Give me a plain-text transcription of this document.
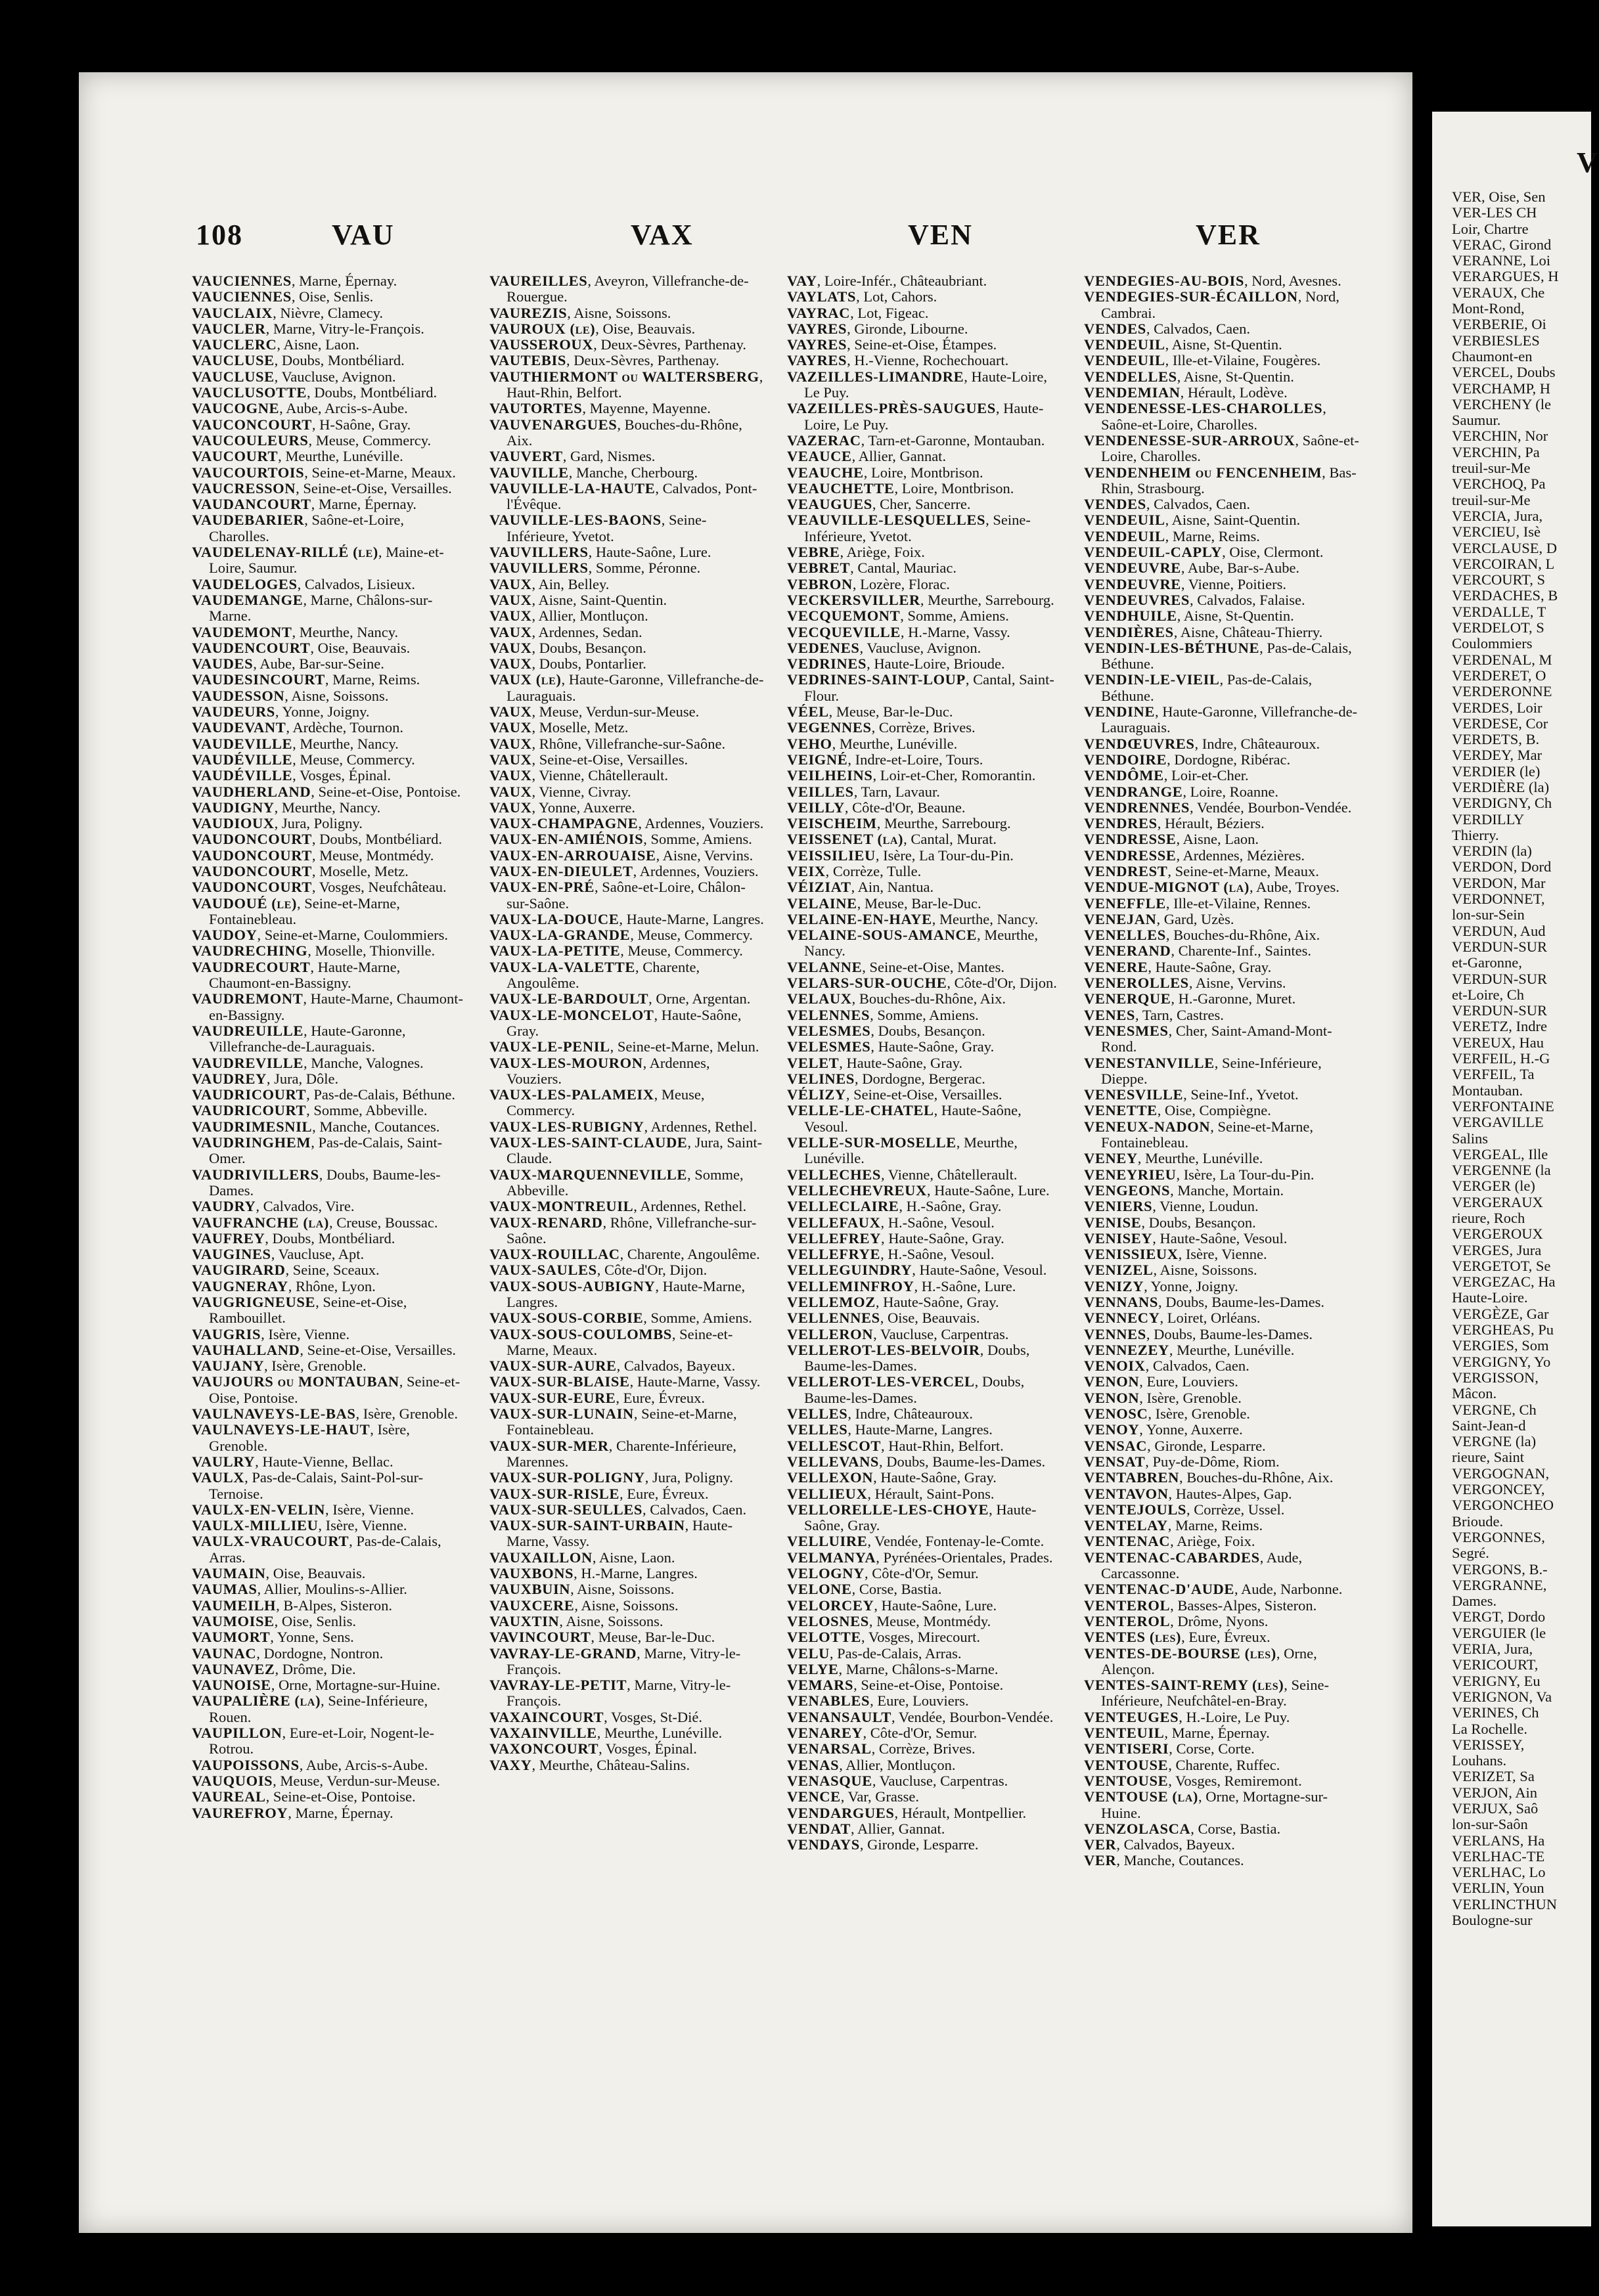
108	VAU	VAX	VEN	VER

VAUCIENNES, Marne, Épernay.

VAUCIENNES, Oise, Senlis.

VAUCLAIX, Nièvre, Clamecy.

VAUCLER, Marne, Vitry-le-François.

VAUCLERC, Aisne, Laon.

VAUCLUSE, Doubs, Montbéliard.

VAUCLUSE, Vaucluse, Avignon.

VAUCLUSOTTE, Doubs, Montbéliard.

VAUCOGNE, Aube, Arcis-s-Aube.

VAUCONCOURT, H-Saône, Gray.

VAUCOULEURS, Meuse, Commercy.

VAUCOURT, Meurthe, Lunéville.

VAUCOURTOIS, Seine-et-Marne, Meaux.

VAUCRESSON, Seine-et-Oise, Versailles.

VAUDANCOURT, Marne, Épernay.

VAUDEBARIER, Saône-et-Loire, Charolles.

VAUDELENAY-RILLÉ (le), Maine-et-Loire, Saumur.

VAUDELOGES, Calvados, Lisieux.

VAUDEMANGE, Marne, Châlons-sur-Marne.

VAUDEMONT, Meurthe, Nancy.

VAUDENCOURT, Oise, Beauvais.

VAUDES, Aube, Bar-sur-Seine.

VAUDESINCOURT, Marne, Reims.

VAUDESSON, Aisne, Soissons.

VAUDEURS, Yonne, Joigny.

VAUDEVANT, Ardèche, Tournon.

VAUDEVILLE, Meurthe, Nancy.

VAUDÉVILLE, Meuse, Commercy.

VAUDÉVILLE, Vosges, Épinal.

VAUDHERLAND, Seine-et-Oise, Pontoise.

VAUDIGNY, Meurthe, Nancy.

VAUDIOUX, Jura, Poligny.

VAUDONCOURT, Doubs, Montbéliard.

VAUDONCOURT, Meuse, Montmédy.

VAUDONCOURT, Moselle, Metz.

VAUDONCOURT, Vosges, Neufchâteau.

VAUDOUÉ (le), Seine-et-Marne, Fontainebleau.

VAUDOY, Seine-et-Marne, Coulommiers.

VAUDRECHING, Moselle, Thionville.

VAUDRECOURT, Haute-Marne, Chaumont-en-Bassigny.

VAUDREMONT, Haute-Marne, Chaumont-en-Bassigny.

VAUDREUILLE, Haute-Garonne, Villefranche-de-Lauraguais.

VAUDREVILLE, Manche, Valognes.

VAUDREY, Jura, Dôle.

VAUDRICOURT, Pas-de-Calais, Béthune.

VAUDRICOURT, Somme, Abbeville.

VAUDRIMESNIL, Manche, Coutances.

VAUDRINGHEM, Pas-de-Calais, Saint-Omer.

VAUDRIVILLERS, Doubs, Baume-les-Dames.

VAUDRY, Calvados, Vire.

VAUFRANCHE (la), Creuse, Boussac.

VAUFREY, Doubs, Montbéliard.

VAUGINES, Vaucluse, Apt.

VAUGIRARD, Seine, Sceaux.

VAUGNERAY, Rhône, Lyon.

VAUGRIGNEUSE, Seine-et-Oise, Rambouillet.

VAUGRIS, Isère, Vienne.

VAUHALLAND, Seine-et-Oise, Versailles.

VAUJANY, Isère, Grenoble.

VAUJOURS ou MONTAUBAN, Seine-et-Oise, Pontoise.

VAULNAVEYS-LE-BAS, Isère, Grenoble.

VAULNAVEYS-LE-HAUT, Isère, Grenoble.

VAULRY, Haute-Vienne, Bellac.

VAULX, Pas-de-Calais, Saint-Pol-sur-Ternoise.

VAULX-EN-VELIN, Isère, Vienne.

VAULX-MILLIEU, Isère, Vienne.

VAULX-VRAUCOURT, Pas-de-Calais, Arras.

VAUMAIN, Oise, Beauvais.

VAUMAS, Allier, Moulins-s-Allier.

VAUMEILH, B-Alpes, Sisteron.

VAUMOISE, Oise, Senlis.

VAUMORT, Yonne, Sens.

VAUNAC, Dordogne, Nontron.

VAUNAVEZ, Drôme, Die.

VAUNOISE, Orne, Mortagne-sur-Huine.

VAUPALIÈRE (la), Seine-Inférieure, Rouen.

VAUPILLON, Eure-et-Loir, Nogent-le-Rotrou.

VAUPOISSONS, Aube, Arcis-s-Aube.

VAUQUOIS, Meuse, Verdun-sur-Meuse.

VAUREAL, Seine-et-Oise, Pontoise.

VAUREFROY, Marne, Épernay.

VAUREILLES, Aveyron, Villefranche-de-Rouergue.

VAUREZIS, Aisne, Soissons.

VAUROUX (le), Oise, Beauvais.

VAUSSEROUX, Deux-Sèvres, Parthenay.

VAUTEBIS, Deux-Sèvres, Parthenay.

VAUTHIERMONT ou WALTERSBERG, Haut-Rhin, Belfort.

VAUTORTES, Mayenne, Mayenne.

VAUVENARGUES, Bouches-du-Rhône, Aix.

VAUVERT, Gard, Nismes.

VAUVILLE, Manche, Cherbourg.

VAUVILLE-LA-HAUTE, Calvados, Pont-l'Évêque.

VAUVILLE-LES-BAONS, Seine-Inférieure, Yvetot.

VAUVILLERS, Haute-Saône, Lure.

VAUVILLERS, Somme, Péronne.

VAUX, Ain, Belley.

VAUX, Aisne, Saint-Quentin.

VAUX, Allier, Montluçon.

VAUX, Ardennes, Sedan.

VAUX, Doubs, Besançon.

VAUX, Doubs, Pontarlier.

VAUX (le), Haute-Garonne, Villefranche-de-Lauraguais.

VAUX, Meuse, Verdun-sur-Meuse.

VAUX, Moselle, Metz.

VAUX, Rhône, Villefranche-sur-Saône.

VAUX, Seine-et-Oise, Versailles.

VAUX, Vienne, Châtellerault.

VAUX, Vienne, Civray.

VAUX, Yonne, Auxerre.

VAUX-CHAMPAGNE, Ardennes, Vouziers.

VAUX-EN-AMIÉNOIS, Somme, Amiens.

VAUX-EN-ARROUAISE, Aisne, Vervins.

VAUX-EN-DIEULET, Ardennes, Vouziers.

VAUX-EN-PRÉ, Saône-et-Loire, Châlon-sur-Saône.

VAUX-LA-DOUCE, Haute-Marne, Langres.

VAUX-LA-GRANDE, Meuse, Commercy.

VAUX-LA-PETITE, Meuse, Commercy.

VAUX-LA-VALETTE, Charente, Angoulême.

VAUX-LE-BARDOULT, Orne, Argentan.

VAUX-LE-MONCELOT, Haute-Saône, Gray.

VAUX-LE-PENIL, Seine-et-Marne, Melun.

VAUX-LES-MOURON, Ardennes, Vouziers.

VAUX-LES-PALAMEIX, Meuse, Commercy.

VAUX-LES-RUBIGNY, Ardennes, Rethel.

VAUX-LES-SAINT-CLAUDE, Jura, Saint-Claude.

VAUX-MARQUENNEVILLE, Somme, Abbeville.

VAUX-MONTREUIL, Ardennes, Rethel.

VAUX-RENARD, Rhône, Villefranche-sur-Saône.

VAUX-ROUILLAC, Charente, Angoulême.

VAUX-SAULES, Côte-d'Or, Dijon.

VAUX-SOUS-AUBIGNY, Haute-Marne, Langres.

VAUX-SOUS-CORBIE, Somme, Amiens.

VAUX-SOUS-COULOMBS, Seine-et-Marne, Meaux.

VAUX-SUR-AURE, Calvados, Bayeux.

VAUX-SUR-BLAISE, Haute-Marne, Vassy.

VAUX-SUR-EURE, Eure, Évreux.

VAUX-SUR-LUNAIN, Seine-et-Marne, Fontainebleau.

VAUX-SUR-MER, Charente-Inférieure, Marennes.

VAUX-SUR-POLIGNY, Jura, Poligny.

VAUX-SUR-RISLE, Eure, Évreux.

VAUX-SUR-SEULLES, Calvados, Caen.

VAUX-SUR-SAINT-URBAIN, Haute-Marne, Vassy.

VAUXAILLON, Aisne, Laon.

VAUXBONS, H.-Marne, Langres.

VAUXBUIN, Aisne, Soissons.

VAUXCERE, Aisne, Soissons.

VAUXTIN, Aisne, Soissons.

VAVINCOURT, Meuse, Bar-le-Duc.

VAVRAY-LE-GRAND, Marne, Vitry-le-François.

VAVRAY-LE-PETIT, Marne, Vitry-le-François.

VAXAINCOURT, Vosges, St-Dié.

VAXAINVILLE, Meurthe, Lunéville.

VAXONCOURT, Vosges, Épinal.

VAXY, Meurthe, Château-Salins.

VAY, Loire-Infér., Châteaubriant.

VAYLATS, Lot, Cahors.

VAYRAC, Lot, Figeac.

VAYRES, Gironde, Libourne.

VAYRES, Seine-et-Oise, Étampes.

VAYRES, H.-Vienne, Rochechouart.

VAZEILLES-LIMANDRE, Haute-Loire, Le Puy.

VAZEILLES-PRÈS-SAUGUES, Haute-Loire, Le Puy.

VAZERAC, Tarn-et-Garonne, Montauban.

VEAUCE, Allier, Gannat.

VEAUCHE, Loire, Montbrison.

VEAUCHETTE, Loire, Montbrison.

VEAUGUES, Cher, Sancerre.

VEAUVILLE-LESQUELLES, Seine-Inférieure, Yvetot.

VEBRE, Ariège, Foix.

VEBRET, Cantal, Mauriac.

VEBRON, Lozère, Florac.

VECKERSVILLER, Meurthe, Sarrebourg.

VECQUEMONT, Somme, Amiens.

VECQUEVILLE, H.-Marne, Vassy.

VEDENES, Vaucluse, Avignon.

VEDRINES, Haute-Loire, Brioude.

VEDRINES-SAINT-LOUP, Cantal, Saint-Flour.

VÉEL, Meuse, Bar-le-Duc.

VEGENNES, Corrèze, Brives.

VEHO, Meurthe, Lunéville.

VEIGNÉ, Indre-et-Loire, Tours.

VEILHEINS, Loir-et-Cher, Romorantin.

VEILLES, Tarn, Lavaur.

VEILLY, Côte-d'Or, Beaune.

VEISCHEIM, Meurthe, Sarrebourg.

VEISSENET (la), Cantal, Murat.

VEISSILIEU, Isère, La Tour-du-Pin.

VEIX, Corrèze, Tulle.

VÉIZIAT, Ain, Nantua.

VELAINE, Meuse, Bar-le-Duc.

VELAINE-EN-HAYE, Meurthe, Nancy.

VELAINE-SOUS-AMANCE, Meurthe, Nancy.

VELANNE, Seine-et-Oise, Mantes.

VELARS-SUR-OUCHE, Côte-d'Or, Dijon.

VELAUX, Bouches-du-Rhône, Aix.

VELENNES, Somme, Amiens.

VELESMES, Doubs, Besançon.

VELESMES, Haute-Saône, Gray.

VELET, Haute-Saône, Gray.

VELINES, Dordogne, Bergerac.

VÉLIZY, Seine-et-Oise, Versailles.

VELLE-LE-CHATEL, Haute-Saône, Vesoul.

VELLE-SUR-MOSELLE, Meurthe, Lunéville.

VELLECHES, Vienne, Châtellerault.

VELLECHEVREUX, Haute-Saône, Lure.

VELLECLAIRE, H.-Saône, Gray.

VELLEFAUX, H.-Saône, Vesoul.

VELLEFREY, Haute-Saône, Gray.

VELLEFRYE, H.-Saône, Vesoul.

VELLEGUINDRY, Haute-Saône, Vesoul.

VELLEMINFROY, H.-Saône, Lure.

VELLEMOZ, Haute-Saône, Gray.

VELLENNES, Oise, Beauvais.

VELLERON, Vaucluse, Carpentras.

VELLEROT-LES-BELVOIR, Doubs, Baume-les-Dames.

VELLEROT-LES-VERCEL, Doubs, Baume-les-Dames.

VELLES, Indre, Châteauroux.

VELLES, Haute-Marne, Langres.

VELLESCOT, Haut-Rhin, Belfort.

VELLEVANS, Doubs, Baume-les-Dames.

VELLEXON, Haute-Saône, Gray.

VELLIEUX, Hérault, Saint-Pons.

VELLORELLE-LES-CHOYE, Haute-Saône, Gray.

VELLUIRE, Vendée, Fontenay-le-Comte.

VELMANYA, Pyrénées-Orientales, Prades.

VELOGNY, Côte-d'Or, Semur.

VELONE, Corse, Bastia.

VELORCEY, Haute-Saône, Lure.

VELOSNES, Meuse, Montmédy.

VELOTTE, Vosges, Mirecourt.

VELU, Pas-de-Calais, Arras.

VELYE, Marne, Châlons-s-Marne.

VEMARS, Seine-et-Oise, Pontoise.

VENABLES, Eure, Louviers.

VENANSAULT, Vendée, Bourbon-Vendée.

VENAREY, Côte-d'Or, Semur.

VENARSAL, Corrèze, Brives.

VENAS, Allier, Montluçon.

VENASQUE, Vaucluse, Carpentras.

VENCE, Var, Grasse.

VENDARGUES, Hérault, Montpellier.

VENDAT, Allier, Gannat.

VENDAYS, Gironde, Lesparre.

VENDEGIES-AU-BOIS, Nord, Avesnes.

VENDEGIES-SUR-ÉCAILLON, Nord, Cambrai.

VENDES, Calvados, Caen.

VENDEUIL, Aisne, St-Quentin.

VENDEUIL, Ille-et-Vilaine, Fougères.

VENDELLES, Aisne, St-Quentin.

VENDEMIAN, Hérault, Lodève.

VENDENESSE-LES-CHAROLLES, Saône-et-Loire, Charolles.

VENDENESSE-SUR-ARROUX, Saône-et-Loire, Charolles.

VENDENHEIM ou FENCENHEIM, Bas-Rhin, Strasbourg.

VENDES, Calvados, Caen.

VENDEUIL, Aisne, Saint-Quentin.

VENDEUIL, Marne, Reims.

VENDEUIL-CAPLY, Oise, Clermont.

VENDEUVRE, Aube, Bar-s-Aube.

VENDEUVRE, Vienne, Poitiers.

VENDEUVRES, Calvados, Falaise.

VENDHUILE, Aisne, St-Quentin.

VENDIÈRES, Aisne, Château-Thierry.

VENDIN-LES-BÉTHUNE, Pas-de-Calais, Béthune.

VENDIN-LE-VIEIL, Pas-de-Calais, Béthune.

VENDINE, Haute-Garonne, Villefranche-de-Lauraguais.

VENDŒUVRES, Indre, Châteauroux.

VENDOIRE, Dordogne, Ribérac.

VENDÔME, Loir-et-Cher.

VENDRANGE, Loire, Roanne.

VENDRENNES, Vendée, Bourbon-Vendée.

VENDRES, Hérault, Béziers.

VENDRESSE, Aisne, Laon.

VENDRESSE, Ardennes, Mézières.

VENDREST, Seine-et-Marne, Meaux.

VENDUE-MIGNOT (la), Aube, Troyes.

VENEFFLE, Ille-et-Vilaine, Rennes.

VENEJAN, Gard, Uzès.

VENELLES, Bouches-du-Rhône, Aix.

VENERAND, Charente-Inf., Saintes.

VENERE, Haute-Saône, Gray.

VENEROLLES, Aisne, Vervins.

VENERQUE, H.-Garonne, Muret.

VENES, Tarn, Castres.

VENESMES, Cher, Saint-Amand-Mont-Rond.

VENESTANVILLE, Seine-Inférieure, Dieppe.

VENESVILLE, Seine-Inf., Yvetot.

VENETTE, Oise, Compiègne.

VENEUX-NADON, Seine-et-Marne, Fontainebleau.

VENEY, Meurthe, Lunéville.

VENEYRIEU, Isère, La Tour-du-Pin.

VENGEONS, Manche, Mortain.

VENIERS, Vienne, Loudun.

VENISE, Doubs, Besançon.

VENISEY, Haute-Saône, Vesoul.

VENISSIEUX, Isère, Vienne.

VENIZEL, Aisne, Soissons.

VENIZY, Yonne, Joigny.

VENNANS, Doubs, Baume-les-Dames.

VENNECY, Loiret, Orléans.

VENNES, Doubs, Baume-les-Dames.

VENNEZEY, Meurthe, Lunéville.

VENOIX, Calvados, Caen.

VENON, Eure, Louviers.

VENON, Isère, Grenoble.

VENOSC, Isère, Grenoble.

VENOY, Yonne, Auxerre.

VENSAC, Gironde, Lesparre.

VENSAT, Puy-de-Dôme, Riom.

VENTABREN, Bouches-du-Rhône, Aix.

VENTAVON, Hautes-Alpes, Gap.

VENTEJOULS, Corrèze, Ussel.

VENTELAY, Marne, Reims.

VENTENAC, Ariège, Foix.

VENTENAC-CABARDES, Aude, Carcassonne.

VENTENAC-D'AUDE, Aude, Narbonne.

VENTEROL, Basses-Alpes, Sisteron.

VENTEROL, Drôme, Nyons.

VENTES (les), Eure, Évreux.

VENTES-DE-BOURSE (les), Orne, Alençon.

VENTES-SAINT-REMY (les), Seine-Inférieure, Neufchâtel-en-Bray.

VENTEUGES, H.-Loire, Le Puy.

VENTEUIL, Marne, Épernay.

VENTISERI, Corse, Corte.

VENTOUSE, Charente, Ruffec.

VENTOUSE, Vosges, Remiremont.

VENTOUSE (la), Orne, Mortagne-sur-Huine.

VENZOLASCA, Corse, Bastia.

VER, Calvados, Bayeux.

VER, Manche, Coutances.

V
VER, Oise, Sen
VER-LES CH
Loir, Chartre
VERAC, Girond
VERANNE, Loi
VERARGUES, H
VERAUX, Che
Mont-Rond,
VERBERIE, Oi
VERBIESLES
Chaumont-en
VERCEL, Doubs
VERCHAMP, H
VERCHENY (le
Saumur.
VERCHIN, Nor
VERCHIN, Pa
treuil-sur-Me
VERCHOQ, Pa
treuil-sur-Me
VERCIA, Jura,
VERCIEU, Isè
VERCLAUSE, D
VERCOIRAN, L
VERCOURT, S
VERDACHES, B
VERDALLE, T
VERDELOT, S
Coulommiers
VERDENAL, M
VERDERET, O
VERDERONNE
VERDES, Loir
VERDESE, Cor
VERDETS, B.
VERDEY, Mar
VERDIER (le)
VERDIÈRE (la)
VERDIGNY, Ch
VERDILLY
Thierry.
VERDIN (la)
VERDON, Dord
VERDON, Mar
VERDONNET,
lon-sur-Sein
VERDUN, Aud
VERDUN-SUR
et-Garonne,
VERDUN-SUR
et-Loire, Ch
VERDUN-SUR
VERETZ, Indre
VEREUX, Hau
VERFEIL, H.-G
VERFEIL, Ta
Montauban.
VERFONTAINE
VERGAVILLE
Salins
VERGEAL, Ille
VERGENNE (la
VERGER (le)
VERGERAUX
rieure, Roch
VERGEROUX
VERGES, Jura
VERGETOT, Se
VERGEZAC, Ha
Haute-Loire.
VERGÈZE, Gar
VERGHEAS, Pu
VERGIES, Som
VERGIGNY, Yo
VERGISSON,
Mâcon.
VERGNE, Ch
Saint-Jean-d
VERGNE (la)
rieure, Saint
VERGOGNAN,
VERGONCEY,
VERGONCHEO
Brioude.
VERGONNES,
Segré.
VERGONS, B.-
VERGRANNE,
Dames.
VERGT, Dordo
VERGUIER (le
VERIA, Jura,
VERICOURT,
VERIGNY, Eu
VERIGNON, Va
VERINES, Ch
La Rochelle.
VERISSEY,
Louhans.
VERIZET, Sa
VERJON, Ain
VERJUX, Saô
lon-sur-Saôn
VERLANS, Ha
VERLHAC-TE
VERLHAC, Lo
VERLIN, Youn
VERLINCTHUN
Boulogne-sur
